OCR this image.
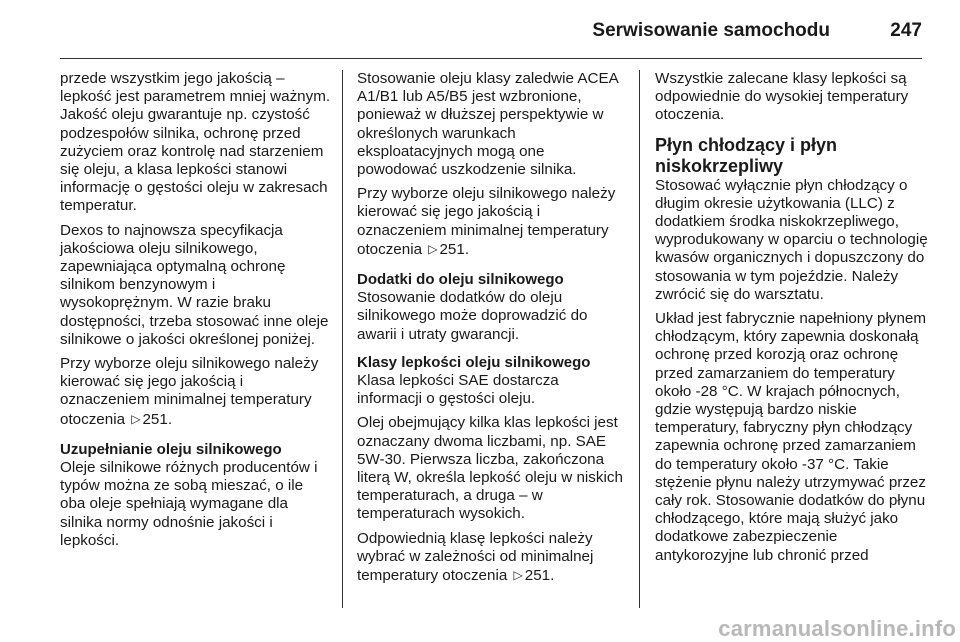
Serwisowanie samochodu	247

przede wszystkim jego jakością – lepkość jest parametrem mniej ważnym. Jakość oleju gwarantuje np. czystość podzespołów silnika, ochronę przed zużyciem oraz kontrolę nad starzeniem się oleju, a klasa lepkości stanowi informację o gęstości oleju w zakresach temperatur.

Dexos to najnowsza specyfikacja jakościowa oleju silnikowego, zapewniająca optymalną ochronę silnikom benzynowym i wysokoprężnym. W razie braku dostępności, trzeba stosować inne oleje silnikowe o jakości określonej poniżej.

Przy wyborze oleju silnikowego należy kierować się jego jakością i oznaczeniem minimalnej temperatury otoczenia ▷ 251.

Uzupełnianie oleju silnikowego

Oleje silnikowe różnych producentów i typów można ze sobą mieszać, o ile oba oleje spełniają wymagane dla silnika normy odnośnie jakości i lepkości.

Stosowanie oleju klasy zaledwie ACEA A1/B1 lub A5/B5 jest wzbronione, ponieważ w dłuższej perspektywie w określonych warunkach eksploatacyjnych mogą one powodować uszkodzenie silnika.

Przy wyborze oleju silnikowego należy kierować się jego jakością i oznaczeniem minimalnej temperatury otoczenia ▷ 251.

Dodatki do oleju silnikowego

Stosowanie dodatków do oleju silnikowego może doprowadzić do awarii i utraty gwarancji.

Klasy lepkości oleju silnikowego

Klasa lepkości SAE dostarcza informacji o gęstości oleju.

Olej obejmujący kilka klas lepkości jest oznaczany dwoma liczbami, np. SAE 5W-30. Pierwsza liczba, zakończona literą W, określa lepkość oleju w niskich temperaturach, a druga – w temperaturach wysokich.

Odpowiednią klasę lepkości należy wybrać w zależności od minimalnej temperatury otoczenia ▷ 251.

Wszystkie zalecane klasy lepkości są odpowiednie do wysokiej temperatury otoczenia.

Płyn chłodzący i płyn niskokrzepliwy

Stosować wyłącznie płyn chłodzący o długim okresie użytkowania (LLC) z dodatkiem środka niskokrzepliwego, wyprodukowany w oparciu o technologię kwasów organicznych i dopuszczony do stosowania w tym pojeździe. Należy zwrócić się do warsztatu.

Układ jest fabrycznie napełniony płynem chłodzącym, który zapewnia doskonałą ochronę przed korozją oraz ochronę przed zamarzaniem do temperatury około -28 °C. W krajach północnych, gdzie występują bardzo niskie temperatury, fabryczny płyn chłodzący zapewnia ochronę przed zamarzaniem do temperatury około -37 °C. Takie stężenie płynu należy utrzymywać przez cały rok. Stosowanie dodatków do płynu chłodzącego, które mają służyć jako dodatkowe zabezpieczenie antykorozyjne lub chronić przed

carmanualsonline.info
